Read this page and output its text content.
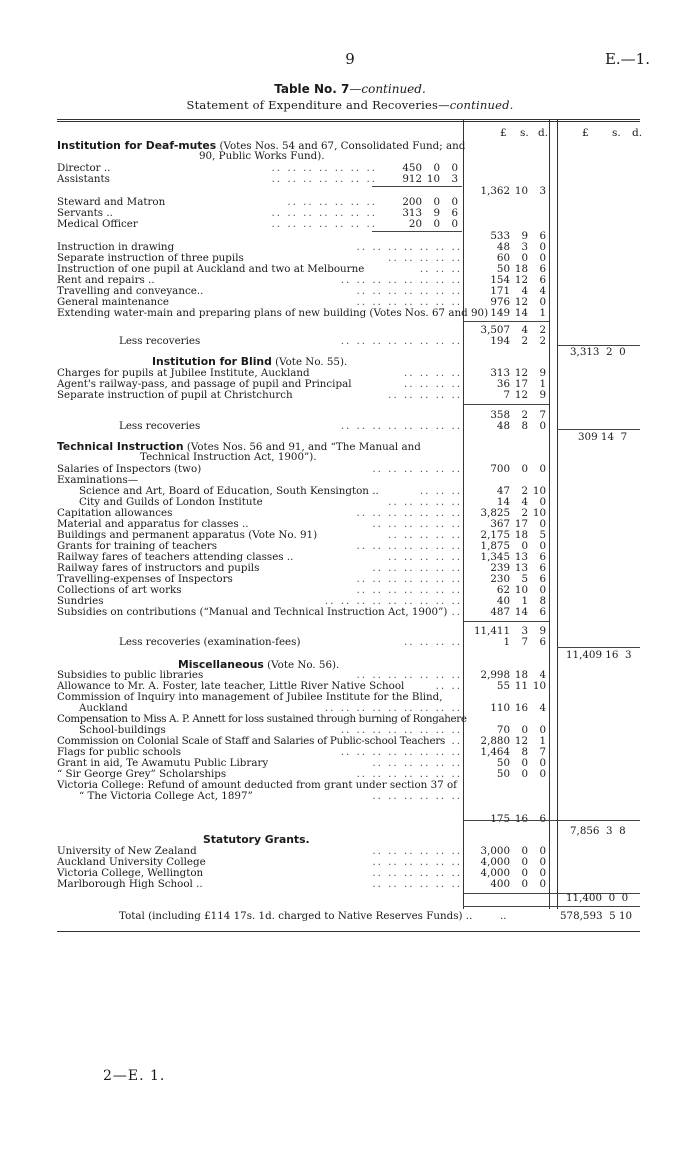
9	E.—1.
Table No. 7—continued.
Statement of Expenditure and Recoveries—continued.
£ s. d.	£ s. d.
Institution for Deaf-mutes (Votes Nos. 54 and 67, Consolidated Fund; and
90, Public Works Fund).
Director ..	.. .. .. .. .. .. ..	450	0	0
Assistants	.. .. .. .. .. .. ..	912 10	3
1,362 10	3
Steward and Matron	.. .. .. .. .. ..	200	0	0
Servants ..	.. .. .. .. .. .. ..	313	9	6
Medical Officer	.. .. .. .. .. .. ..	20	0	0
533	9	6
Instruction in drawing	.. .. .. .. .. .. ..	48	3	0
Separate instruction of three pupils	.. .. .. .. ..	60	0	0
Instruction of one pupil at Auckland and two at Melbourne	.. .. ..	50 18	6
Rent and repairs ..	.. .. .. .. .. .. .. ..	154 12	6
Travelling and conveyance..	.. .. .. .. .. .. ..	171	4	4
General maintenance	.. .. .. .. .. .. ..	976 12	0
Extending water-main and preparing plans of new building (Votes Nos. 67 and 90) 149 14	1
3,507	4	2
Less recoveries	.. .. .. .. .. .. .. ..	194	2	2
3,313  2  0
Institution for Blind (Vote No. 55).
Charges for pupils at Jubilee Institute, Auckland	.. .. .. ..	313 12	9
Agent's railway-pass, and passage of pupil and Principal	.. .. .. ..	36 17	1
Separate instruction of pupil at Christchurch	.. .. .. .. ..	7 12	9
358	2	7
Less recoveries	.. .. .. .. .. .. .. ..	48	8	0
309 14  7
Technical Instruction (Votes Nos. 56 and 91, and “The Manual and
Technical Instruction Act, 1900”).
Salaries of Inspectors (two)	.. .. .. .. .. ..	700	0	0
Examinations—
Science and Art, Board of Education, South Kensington ..	.. .. ..	47	2 10
City and Guilds of London Institute	.. .. .. .. ..	14	4	0
Capitation allowances	.. .. .. .. .. .. ..	3,825	2 10
Material and apparatus for classes ..	.. .. .. .. .. ..	367 17	0
Buildings and permanent apparatus (Vote No. 91)	.. .. .. .. ..	2,175 18	5
Grants for training of teachers	.. .. .. .. .. .. ..	1,875	0	0
Railway fares of teachers attending classes ..	.. .. .. .. ..	1,345 13	6
Railway fares of instructors and pupils	.. .. .. .. .. ..	239 13	6
Travelling-expenses of Inspectors	.. .. .. .. .. .. ..	230	5	6
Collections of art works	.. .. .. .. .. .. ..	62 10	0
Sundries	.. .. .. .. .. .. .. .. ..	40	1	8
Subsidies on contributions (“Manual and Technical Instruction Act, 1900”) ..	487 14	6
11,411	3	9
Less recoveries (examination-fees)	.. .. .. ..	1	7	6
11,409 16  3
Miscellaneous (Vote No. 56).
Subsidies to public libraries	.. .. .. .. .. .. ..	2,998 18	4
Allowance to Mr. A. Foster, late teacher, Little River Native School	.. ..	55 11 10
Commission of Inquiry into management of Jubilee Institute for the Blind,
Auckland	.. .. .. .. .. .. .. .. ..	110 16	4
Compensation to Miss A. P. Annett for loss sustained through burning of Rongahere
School-buildings	.. .. .. .. .. .. .. ..	70	0	0
Commission on Colonial Scale of Staff and Salaries of Public-school Teachers ..	2,880 12	1
Flags for public schools	.. .. .. .. .. .. .. ..	1,464	8	7
Grant in aid, Te Awamutu Public Library	.. .. .. .. .. ..	50	0	0
“ Sir George Grey” Scholarships	.. .. .. .. .. .. ..	50	0	0
Victoria College: Refund of amount deducted from grant under section 37 of
“ The Victoria College Act, 1897”	.. .. .. .. .. ..
175 16	6
7,856  3  8
Statutory Grants.
University of New Zealand	.. .. .. .. .. ..	3,000	0	0
Auckland University College	.. .. .. .. .. ..	4,000	0	0
Victoria College, Wellington	.. .. .. .. .. ..	4,000	0	0
Marlborough High School ..	.. .. .. .. .. ..	400	0	0
11,400  0  0
Total (including £114 17s. 1d. charged to Native Reserves Funds) ..	..	578,593  5 10
2—E. 1.
